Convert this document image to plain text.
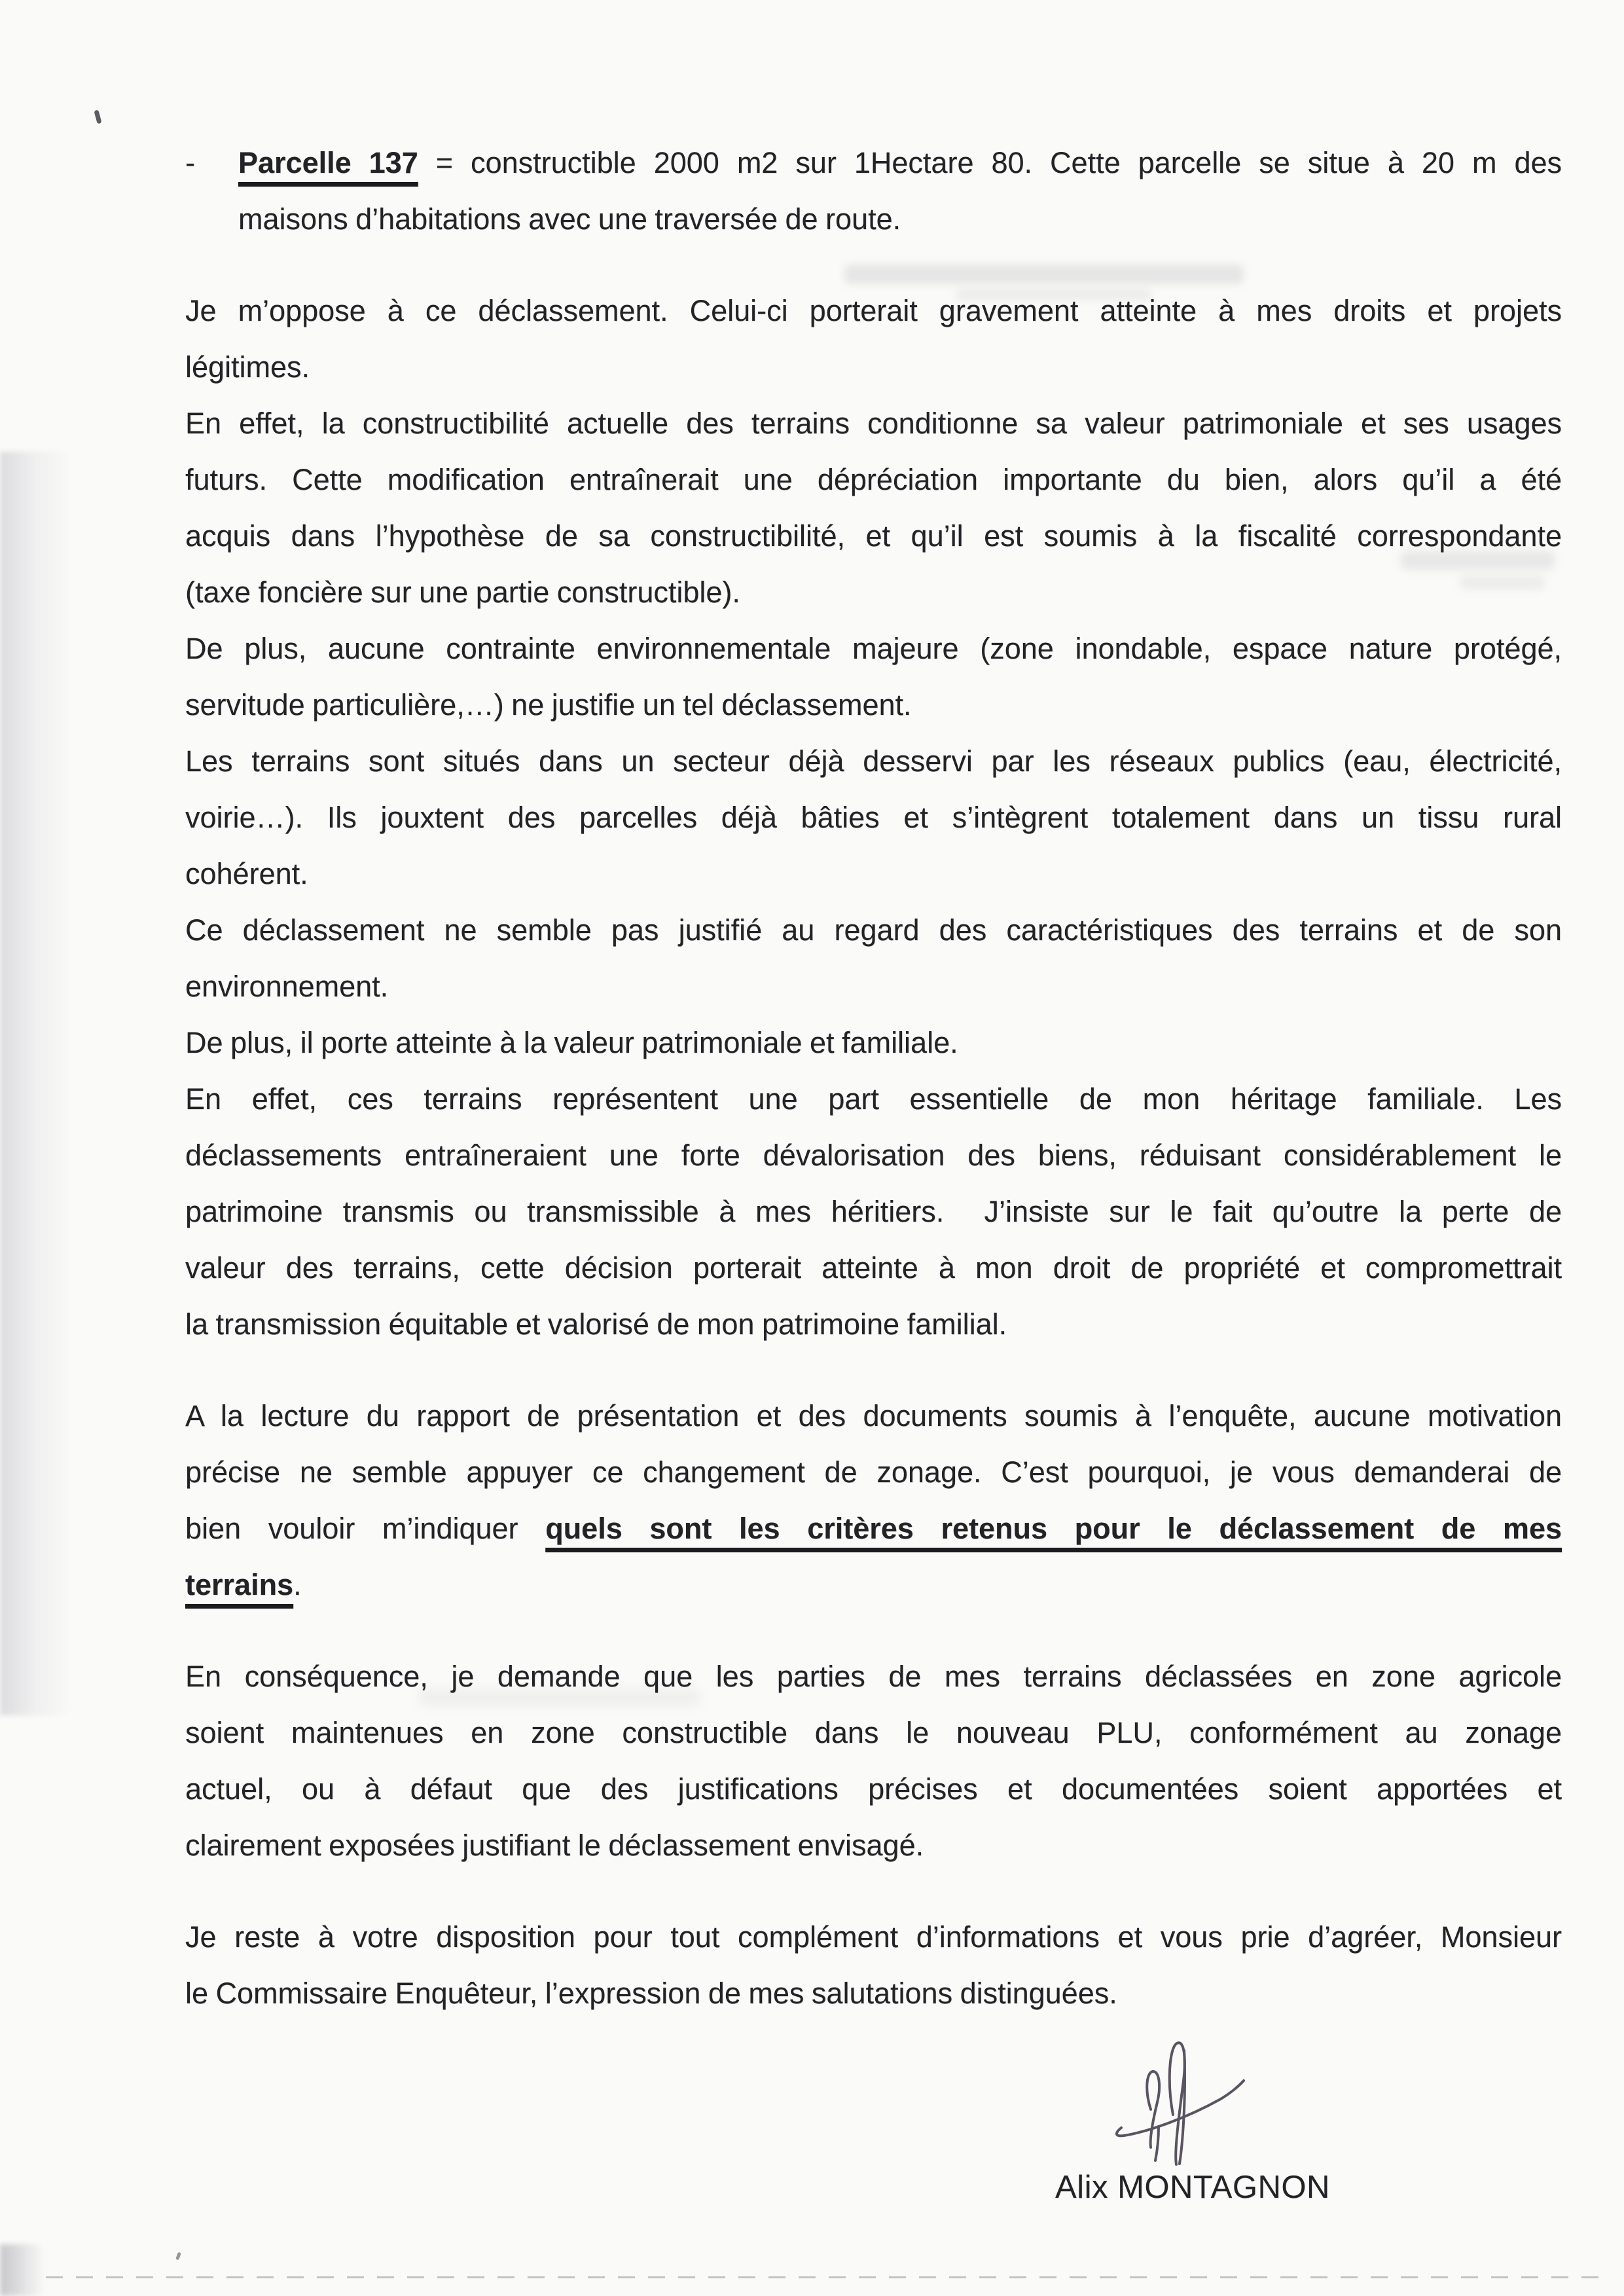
- Parcelle 137 = constructible 2000 m2 sur 1Hectare 80. Cette parcelle se situe à 20 m des
maisons d’habitations avec une traversée de route.
Je m’oppose à ce déclassement. Celui-ci porterait gravement atteinte à mes droits et projets
légitimes.
En effet, la constructibilité actuelle des terrains conditionne sa valeur patrimoniale et ses usages
futurs. Cette modification entraînerait une dépréciation importante du bien, alors qu’il a été
acquis dans l’hypothèse de sa constructibilité, et qu’il est soumis à la fiscalité correspondante
(taxe foncière sur une partie constructible).
De plus, aucune contrainte environnementale majeure (zone inondable, espace nature protégé,
servitude particulière,…) ne justifie un tel déclassement.
Les terrains sont situés dans un secteur déjà desservi par les réseaux publics (eau, électricité,
voirie…). Ils jouxtent des parcelles déjà bâties et s’intègrent totalement dans un tissu rural
cohérent.
Ce déclassement ne semble pas justifié au regard des caractéristiques des terrains et de son
environnement.
De plus, il porte atteinte à la valeur patrimoniale et familiale.
En effet, ces terrains représentent une part essentielle de mon héritage familiale. Les
déclassements entraîneraient une forte dévalorisation des biens, réduisant considérablement le
patrimoine transmis ou transmissible à mes héritiers.  J’insiste sur le fait qu’outre la perte de
valeur des terrains, cette décision porterait atteinte à mon droit de propriété et compromettrait
la transmission équitable et valorisé de mon patrimoine familial.
A la lecture du rapport de présentation et des documents soumis à l’enquête, aucune motivation
précise ne semble appuyer ce changement de zonage. C’est pourquoi, je vous demanderai de
bien vouloir m’indiquer quels sont les critères retenus pour le déclassement de mes
terrains.
En conséquence, je demande que les parties de mes terrains déclassées en zone agricole
soient maintenues en zone constructible dans le nouveau PLU, conformément au zonage
actuel, ou à défaut que des justifications précises et documentées soient apportées et
clairement exposées justifiant le déclassement envisagé.
Je reste à votre disposition pour tout complément d’informations et vous prie d’agréer, Monsieur
le Commissaire Enquêteur, l’expression de mes salutations distinguées.
Alix MONTAGNON
